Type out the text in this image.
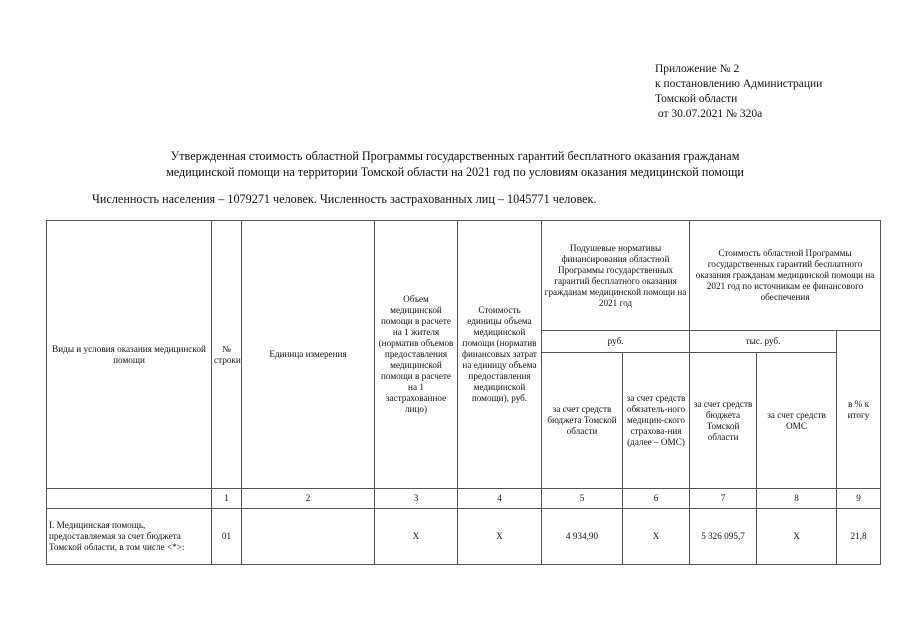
Приложение № 2
к постановлению Администрации
Томской области
от 30.07.2021 № 320а
Утвержденная стоимость областной Программы государственных гарантий бесплатного оказания гражданам
медицинской помощи на территории Томской области на 2021 год по условиям оказания медицинской помощи
Численность населения – 1079271 человек. Численность застрахованных лиц – 1045771 человек.
Виды и условия оказания медицинской помощи	№ строки	Единица измерения	Объем медицинской помощи в расчете на 1 жителя (норматив объемов предоставления медицинской помощи в расчете на 1 застрахованное лицо)	Стоимость единицы объема медицинской помощи (норматив финансовых затрат на единицу объема предоставления медицинской помощи), руб.	Подушевые нормативы финансирования областной Программы государственных гарантий бесплатного оказания гражданам медицинской помощи на 2021 год		Стоимость областной Программы государственных гарантий бесплатного оказания гражданам медицинской помощи на 2021 год по источникам ее финансового обеспечения		
					руб.		тыс. руб.		в % к итогу
					за счет средств бюджета Томской области	за счет средств обязатель-ного медицин-ского страхова-ния (далее – ОМС)	за счет средств бюджета Томской области	за счет средств ОМС	
	1	2	3	4	5	6	7	8	9
I. Медицинская помощь, предоставляемая за счет бюджета Томской области, в том числе <*>:	01		X	X	4 934,90	X	5 326 095,7	X	21,8
